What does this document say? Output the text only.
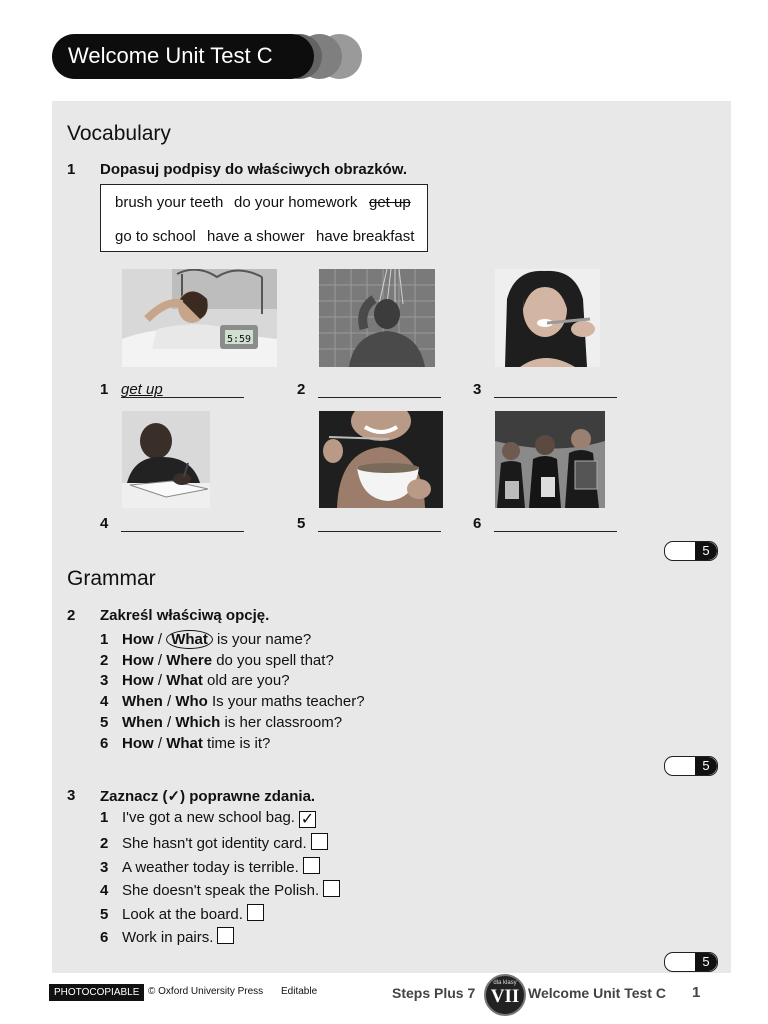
Welcome Unit Test C
Vocabulary
1 Dopasuj podpisy do właściwych obrazków.
brush your teeth do your homework get up
go to school have a shower have breakfast
5:59
1 get up	2	3
4	5	6
5
Grammar
2 Zakreśl właściwą opcję.
1 How / What is your name?
2 How / Where do you spell that?
3 How / What old are you?
4 When / Who Is your maths teacher?
5 When / Which is her classroom?
6 How / What time is it?
5
3 Zaznacz (✓) poprawne zdania.
1 I've got a new school bag. ✓
2 She hasn't got identity card.
3 A weather today is terrible.
4 She doesn't speak the Polish.
5 Look at the board.
6 Work in pairs.
5
PHOTOCOPIABLE © Oxford University Press Editable	Steps Plus 7
dla klasy
VII Welcome Unit Test C 1
